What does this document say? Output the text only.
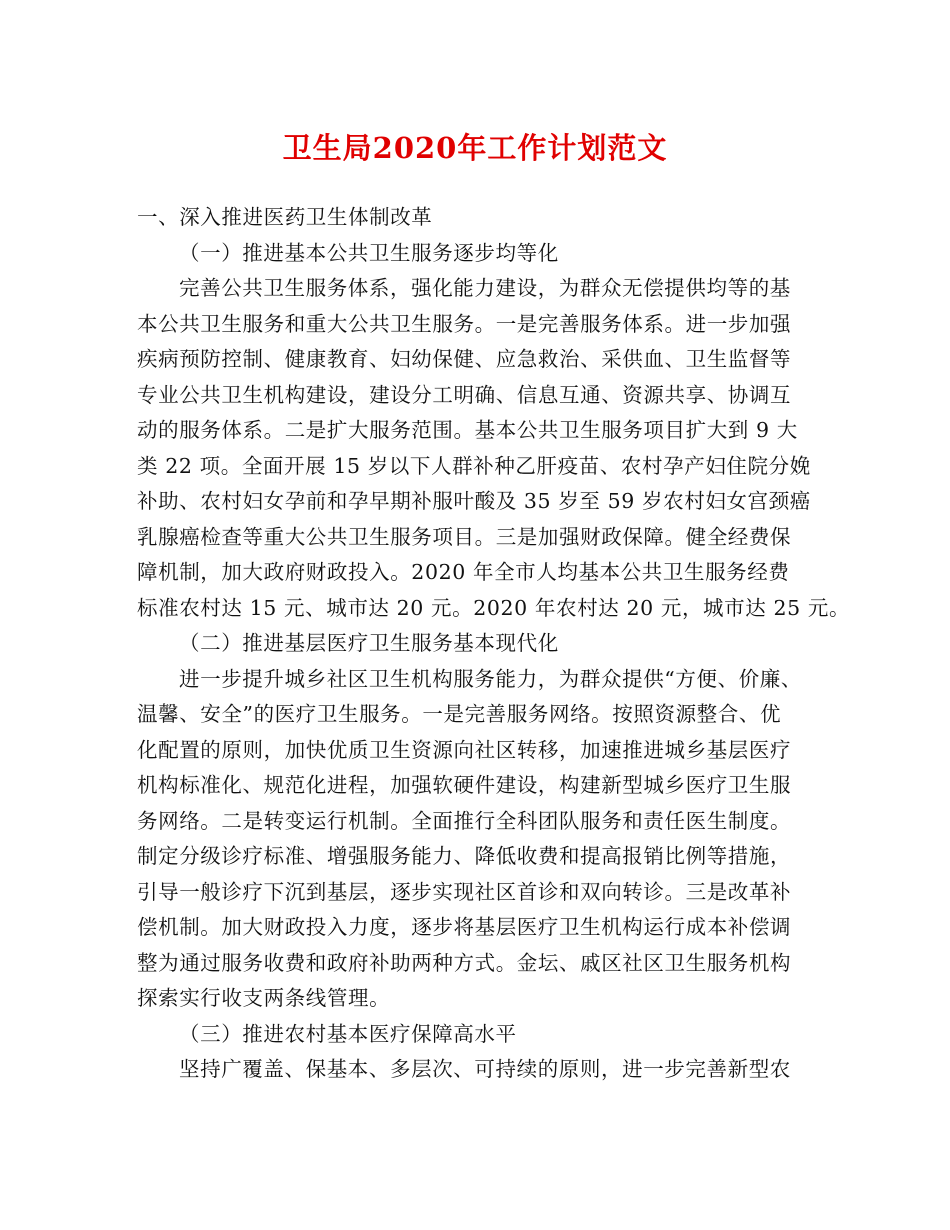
卫生局2020年工作计划范文
一、深入推进医药卫生体制改革
（一）推进基本公共卫生服务逐步均等化
完善公共卫生服务体系，强化能力建设，为群众无偿提供均等的基
本公共卫生服务和重大公共卫生服务。一是完善服务体系。进一步加强
疾病预防控制、健康教育、妇幼保健、应急救治、采供血、卫生监督等
专业公共卫生机构建设，建设分工明确、信息互通、资源共享、协调互
动的服务体系。二是扩大服务范围。基本公共卫生服务项目扩大到 9 大
类 22 项。全面开展 15 岁以下人群补种乙肝疫苗、农村孕产妇住院分娩
补助、农村妇女孕前和孕早期补服叶酸及 35 岁至 59 岁农村妇女宫颈癌
乳腺癌检查等重大公共卫生服务项目。三是加强财政保障。健全经费保
障机制，加大政府财政投入。2020 年全市人均基本公共卫生服务经费
标准农村达 15 元、城市达 20 元。2020 年农村达 20 元，城市达 25 元。
（二）推进基层医疗卫生服务基本现代化
进一步提升城乡社区卫生机构服务能力，为群众提供“方便、价廉、
温馨、安全”的医疗卫生服务。一是完善服务网络。按照资源整合、优
化配置的原则，加快优质卫生资源向社区转移，加速推进城乡基层医疗
机构标准化、规范化进程，加强软硬件建设，构建新型城乡医疗卫生服
务网络。二是转变运行机制。全面推行全科团队服务和责任医生制度。
制定分级诊疗标准、增强服务能力、降低收费和提高报销比例等措施，
引导一般诊疗下沉到基层，逐步实现社区首诊和双向转诊。三是改革补
偿机制。加大财政投入力度，逐步将基层医疗卫生机构运行成本补偿调
整为通过服务收费和政府补助两种方式。金坛、戚区社区卫生服务机构
探索实行收支两条线管理。
（三）推进农村基本医疗保障高水平
坚持广覆盖、保基本、多层次、可持续的原则，进一步完善新型农
